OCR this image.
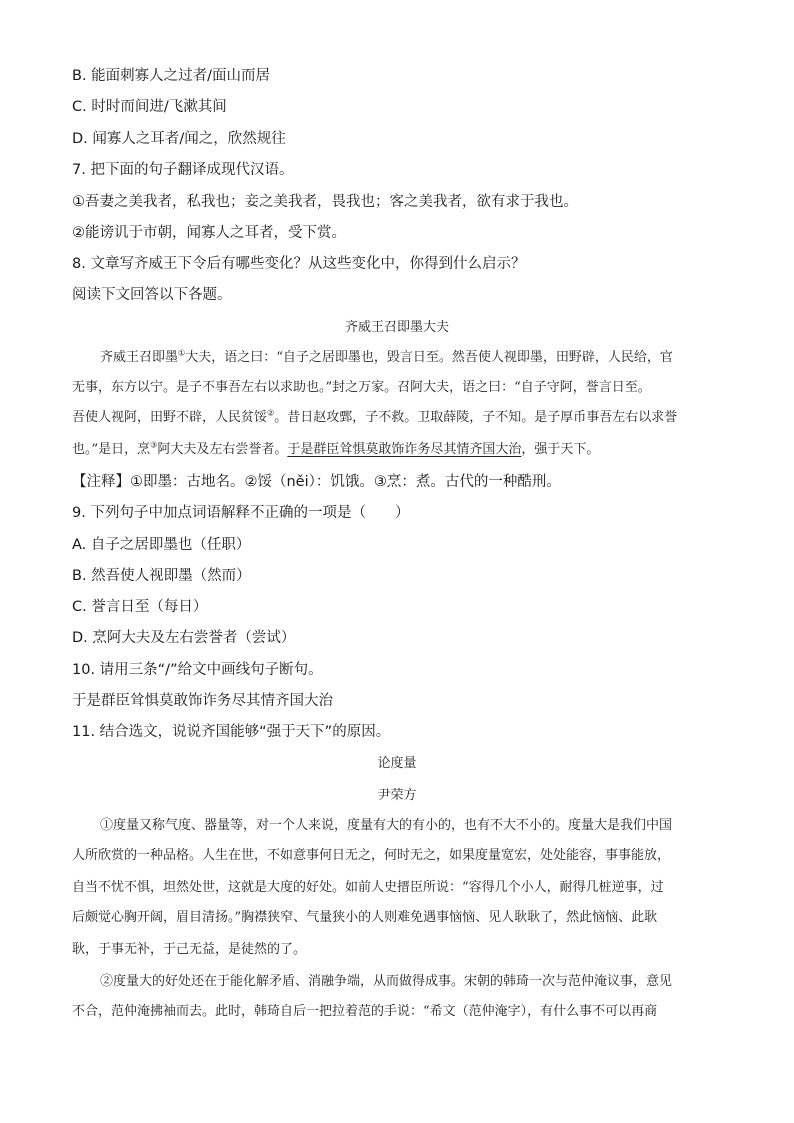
B. 能面刺寡人之过者/面山而居
C. 时时而间进/飞漱其间
D. 闻寡人之耳者/闻之，欣然规往
7. 把下面的句子翻译成现代汉语。
①吾妻之美我者，私我也；妾之美我者，畏我也；客之美我者，欲有求于我也。
②能谤讥于市朝，闻寡人之耳者，受下赏。
8. 文章写齐威王下令后有哪些变化？从这些变化中，你得到什么启示？
阅读下文回答以下各题。
齐威王召即墨大夫
齐威王召即墨①大夫，语之曰：“自子之居即墨也，毁言日至。然吾使人视即墨，田野辟，人民给，官
无事，东方以宁。是子不事吾左右以求助也。”封之万家。召阿大夫，语之曰：“自子守阿，誉言日至。
吾使人视阿，田野不辟，人民贫馁②。昔日赵攻鄄，子不救。卫取薛陵，子不知。是子厚币事吾左右以求誉
也。”是日，烹③阿大夫及左右尝誉者。于是群臣耸惧莫敢饰诈务尽其情齐国大治，强于天下。
【注释】①即墨：古地名。②馁（něi）：饥饿。③烹：煮。古代的一种酷刑。
9. 下列句子中加点词语解释不正确的一项是（　　）
A. 自子之居即墨也（任职）
B. 然吾使人视即墨（然而）
C. 誉言日至（每日）
D. 烹阿大夫及左右尝誉者（尝试）
10. 请用三条“/”给文中画线句子断句。
于是群臣耸惧莫敢饰诈务尽其情齐国大治
11. 结合选文，说说齐国能够“强于天下”的原因。
论度量
尹荣方
①度量又称气度、器量等，对一个人来说，度量有大的有小的，也有不大不小的。度量大是我们中国
人所欣赏的一种品格。人生在世，不如意事何日无之，何时无之，如果度量宽宏，处处能容，事事能放，
自当不忧不惧，坦然处世，这就是大度的好处。如前人史搢臣所说：“容得几个小人，耐得几桩逆事，过
后颇觉心胸开阔，眉目清扬。”胸襟狭窄、气量狭小的人则难免遇事恼恼、见人耿耿了，然此恼恼、此耿
耿，于事无补，于己无益，是徒然的了。
②度量大的好处还在于能化解矛盾、消融争端，从而做得成事。宋朝的韩琦一次与范仲淹议事，意见
不合，范仲淹拂袖而去。此时，韩琦自后一把拉着范的手说：“希文（范仲淹字），有什么事不可以再商
